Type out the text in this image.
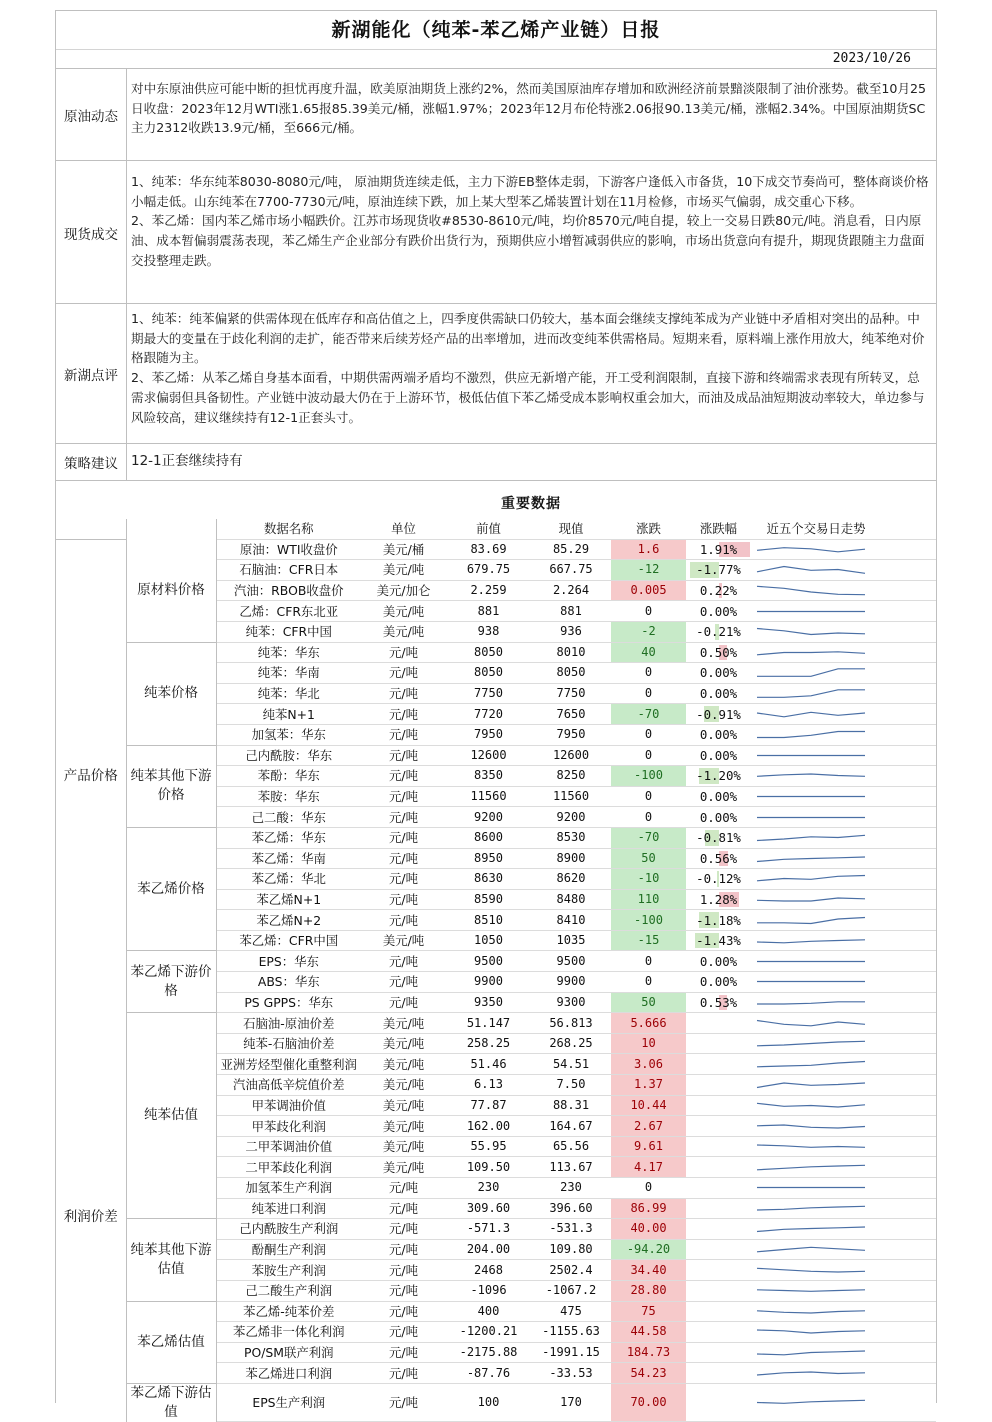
新湖能化（纯苯-苯乙烯产业链）日报
2023/10/26
原油动态

对中东原油供应可能中断的担忧再度升温，欧美原油期货上涨约2%，然而美国原油库存增加和欧洲经济前景黯淡限制了油价涨势。截至10月25日收盘：2023年12月WTI涨1.65报85.39美元/桶，涨幅1.97%；2023年12月布伦特涨2.06报90.13美元/桶，涨幅2.34%。中国原油期货SC主力2312收跌13.9元/桶，至666元/桶。

现货成交

1、纯苯：华东纯苯8030-8080元/吨， 原油期货连续走低，主力下游EB整体走弱，下游客户逢低入市备货，10下成交节奏尚可，整体商谈价格小幅走低。山东纯苯在7700-7730元/吨，原油连续下跌，加上某大型苯乙烯装置计划在11月检修，市场买气偏弱，成交重心下移。

2、苯乙烯：国内苯乙烯市场小幅跌价。江苏市场现货收#8530-8610元/吨，均价8570元/吨自提，较上一交易日跌80元/吨。消息看，日内原油、成本暂偏弱震荡表现，苯乙烯生产企业部分有跌价出货行为，预期供应小增暂减弱供应的影响，市场出货意向有提升，期现货跟随主力盘面交投整理走跌。

新湖点评

1、纯苯：纯苯偏紧的供需体现在低库存和高估值之上，四季度供需缺口仍较大，基本面会继续支撑纯苯成为产业链中矛盾相对突出的品种。中期最大的变量在于歧化利润的走扩，能否带来后续芳烃产品的出率增加，进而改变纯苯供需格局。短期来看，原料端上涨作用放大，纯苯绝对价格跟随为主。

2、苯乙烯：从苯乙烯自身基本面看，中期供需两端矛盾均不激烈，供应无新增产能，开工受利润限制，直接下游和终端需求表现有所转叉，总需求偏弱但具备韧性。产业链中波动最大仍在于上游环节，极低估值下苯乙烯受成本影响权重会加大，而油及成品油短期波动率较大，单边参与风险较高，建议继续持有12-1正套头寸。

策略建议 12-1正套继续持有
重要数据
		数据名称	单位	前值	现值	涨跌	涨跌幅	近五个交易日走势	
产品价格	原材料价格	原油：WTI收盘价	美元/桶	83.69	85.29	1.6	1.91%	

		石脑油：CFR日本	美元/吨	679.75	667.75	-12	-1.77%	

		汽油：RBOB收盘价	美元/加仑	2.259	2.264	0.005	0.22%	

		乙烯：CFR东北亚	美元/吨	881	881	0	0.00%	

		纯苯：CFR中国	美元/吨	938	936	-2	-0.21%	

	纯苯价格	纯苯：华东	元/吨	8050	8010	40	0.50%	

		纯苯：华南	元/吨	8050	8050	0	0.00%	

		纯苯：华北	元/吨	7750	7750	0	0.00%	

		纯苯N+1	元/吨	7720	7650	-70	-0.91%	

		加氢苯：华东	元/吨	7950	7950	0	0.00%	

	纯苯其他下游价格	己内酰胺：华东	元/吨	12600	12600	0	0.00%	

		苯酚：华东	元/吨	8350	8250	-100	-1.20%	

		苯胺：华东	元/吨	11560	11560	0	0.00%	

		己二酸：华东	元/吨	9200	9200	0	0.00%	

	苯乙烯价格	苯乙烯：华东	元/吨	8600	8530	-70	-0.81%	

		苯乙烯：华南	元/吨	8950	8900	50	0.56%	

		苯乙烯：华北	元/吨	8630	8620	-10	-0.12%	

		苯乙烯N+1	元/吨	8590	8480	110	1.28%	

		苯乙烯N+2	元/吨	8510	8410	-100	-1.18%	

		苯乙烯：CFR中国	美元/吨	1050	1035	-15	-1.43%	

	苯乙烯下游价格	EPS：华东	元/吨	9500	9500	0	0.00%	

		ABS：华东	元/吨	9900	9900	0	0.00%	

		PS GPPS：华东	元/吨	9350	9300	50	0.53%	

利润价差	纯苯估值	石脑油-原油价差	美元/吨	51.147	56.813	5.666		

		纯苯-石脑油价差	美元/吨	258.25	268.25	10		

		亚洲芳烃型催化重整利润	美元/吨	51.46	54.51	3.06		

		汽油高低辛烷值价差	美元/吨	6.13	7.50	1.37		

		甲苯调油价值	美元/吨	77.87	88.31	10.44		

		甲苯歧化利润	美元/吨	162.00	164.67	2.67		

		二甲苯调油价值	美元/吨	55.95	65.56	9.61		

		二甲苯歧化利润	美元/吨	109.50	113.67	4.17		

		加氢苯生产利润	元/吨	230	230	0		

		纯苯进口利润	元/吨	309.60	396.60	86.99		

	纯苯其他下游估值	己内酰胺生产利润	元/吨	-571.3	-531.3	40.00		

		酚酮生产利润	元/吨	204.00	109.80	-94.20		

		苯胺生产利润	元/吨	2468	2502.4	34.40		

		己二酸生产利润	元/吨	-1096	-1067.2	28.80		

	苯乙烯估值	苯乙烯-纯苯价差	元/吨	400	475	75		

		苯乙烯非一体化利润	元/吨	-1200.21	-1155.63	44.58		

		PO/SM联产利润	元/吨	-2175.88	-1991.15	184.73		

		苯乙烯进口利润	元/吨	-87.76	-33.53	54.23		

	苯乙烯下游估值	EPS生产利润	元/吨	100	170	70.00		
